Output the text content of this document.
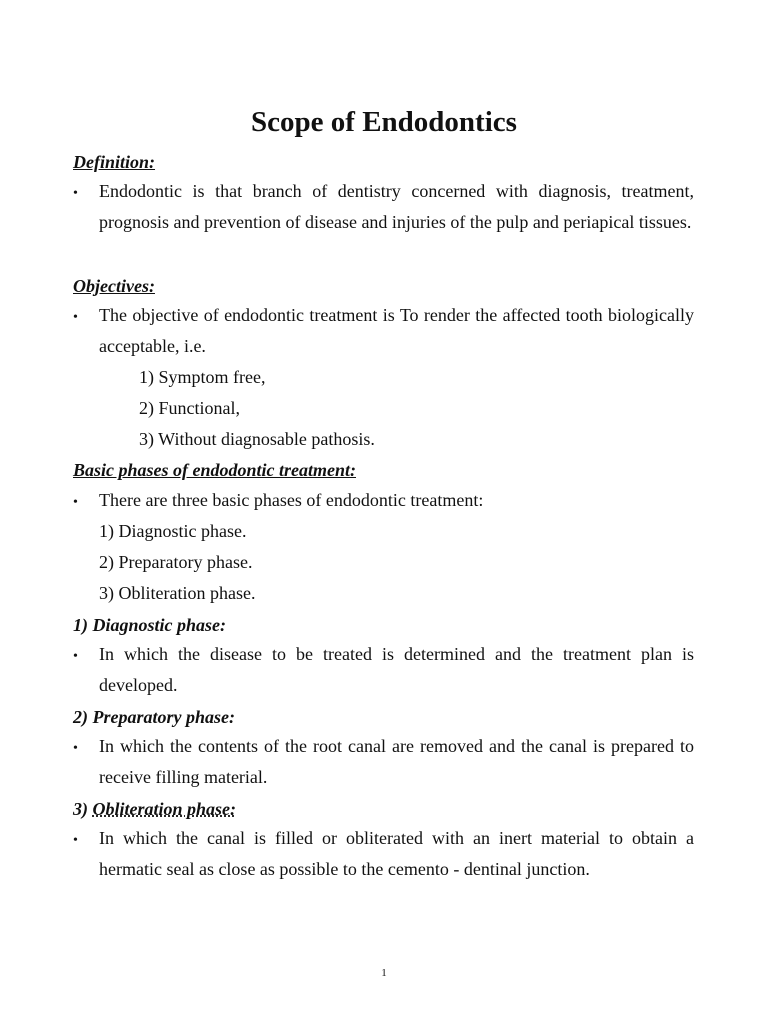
Scope of Endodontics
Definition:
• Endodontic is that branch of dentistry concerned with diagnosis, treatment, prognosis and prevention of disease and injuries of the pulp and periapical tissues.
Objectives:
• The objective of endodontic treatment is To render the affected tooth biologically acceptable, i.e.
1) Symptom free,
2) Functional,
3) Without diagnosable pathosis.
Basic phases of endodontic treatment:
• There are three basic phases of endodontic treatment:
1) Diagnostic phase.
2) Preparatory phase.
3) Obliteration phase.
1) Diagnostic phase:
• In which the disease to be treated is determined and the treatment plan is developed.
2) Preparatory phase:
• In which the contents of the root canal are removed and the canal is prepared to receive filling material.
3) Obliteration phase:
• In which the canal is filled or obliterated with an inert material to obtain a hermatic seal as close as possible to the cemento - dentinal junction.
1
